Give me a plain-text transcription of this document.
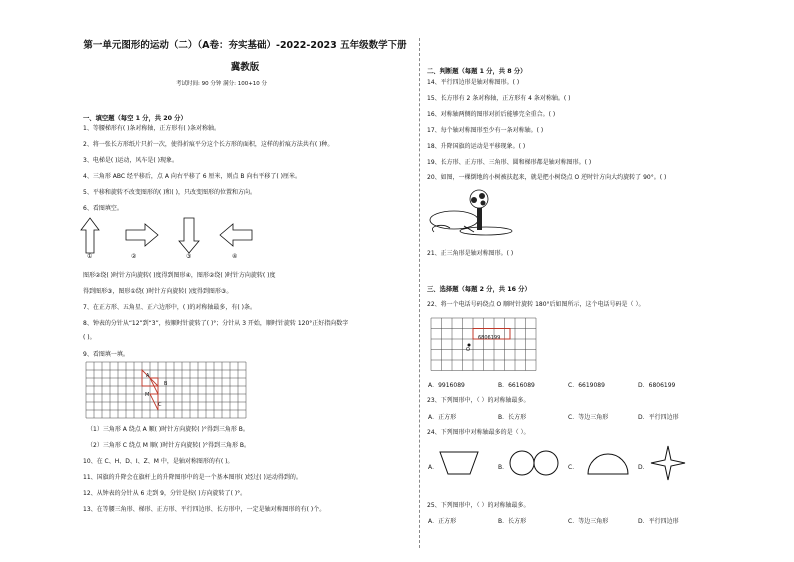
第一单元图形的运动（二）（A卷：夯实基础）-2022-2023 五年级数学下册
冀教版
考试时间: 90 分钟 满分: 100+10 分
一、填空题（每空 1 分，共 20 分）
1、等腰梯形有( )条对称轴，正方形有( )条对称轴。
2、将一张长方形纸片只折一次，使得折痕平分这个长方形的面积，这样的折痕方法共有( )种。
3、电梯是( )运动，风车是( )现象。
4、三角形 ABC 经平移后，点 A 向右平移了 6 厘米，则点 B 向右平移了( )厘米。
5、平移和旋转不改变图形的( )和( )，只改变图形的位置和方向。
6、看图填空。
①	②	③	④
图形②绕( )时针方向旋转( )度得到图形④，图形②绕( )时针方向旋转( )度
得到图形③，图形①绕( )时针方向旋转( )度得到图形③。
7、在正方形、五角星、正六边形中，( )的对称轴最多，有( )条。
8、钟表的分针从“12”到“3”，按顺时针旋转了( )°；分针从 3 开始，顺时针旋转 120°正好指向数字
( )。
9、看图填一填。
A
B
M
C
（1）三角形 A 绕点 A 顺( )时针方向旋转( )°得到三角形 B。
（2）三角形 C 绕点 M 顺( )时针方向旋转( )°得到三角形 B。
10、在 C、H、D、I、Z、M 中，是轴对称图形的有( )。
11、国旗的升降会在旗杆上的升降图形中的是一个基本图形( )经过( )运动得到的。
12、从钟表的分针从 6 走到 9，分针是按( )方向旋转了( )°。
13、在等腰三角形、梯形、正方形、平行四边形、长方形中，一定是轴对称图形的有( )个。
二、判断题（每题 1 分，共 8 分）
14、平行四边形是轴对称图形。( )
15、长方形有 2 条对称轴，正方形有 4 条对称轴。( )
16、对称轴两侧的图形对折后能够完全重合。( )
17、每个轴对称图形至少有一条对称轴。( )
18、升降国旗的运动是平移现象。( )
19、长方形、正方形、三角形、圆和梯形都是轴对称图形。( )
20、如图，一棵倒地的小树被扶起来，就是把小树绕点 O 逆时针方向大约旋转了 90°。( )
21、正三角形是轴对称图形。( )
三、选择题（每题 2 分，共 16 分）
22、将一个电话号码绕点 O 顺时针旋转 180°后如图所示，这个电话号码是（ ）。
6806199
O
A．9916089	B．6616089	C．6619089	D．6806199
23、下列图形中，（ ）的对称轴最多。
A．正方形	B．长方形	C．等边三角形	D．平行四边形
24、下列图形中对称轴最多的是（ ）。
A．	B．	C．	D．
25、下列图形中，（ ）的对称轴最多。
A．正方形	B．长方形	C．等边三角形	D．平行四边形
